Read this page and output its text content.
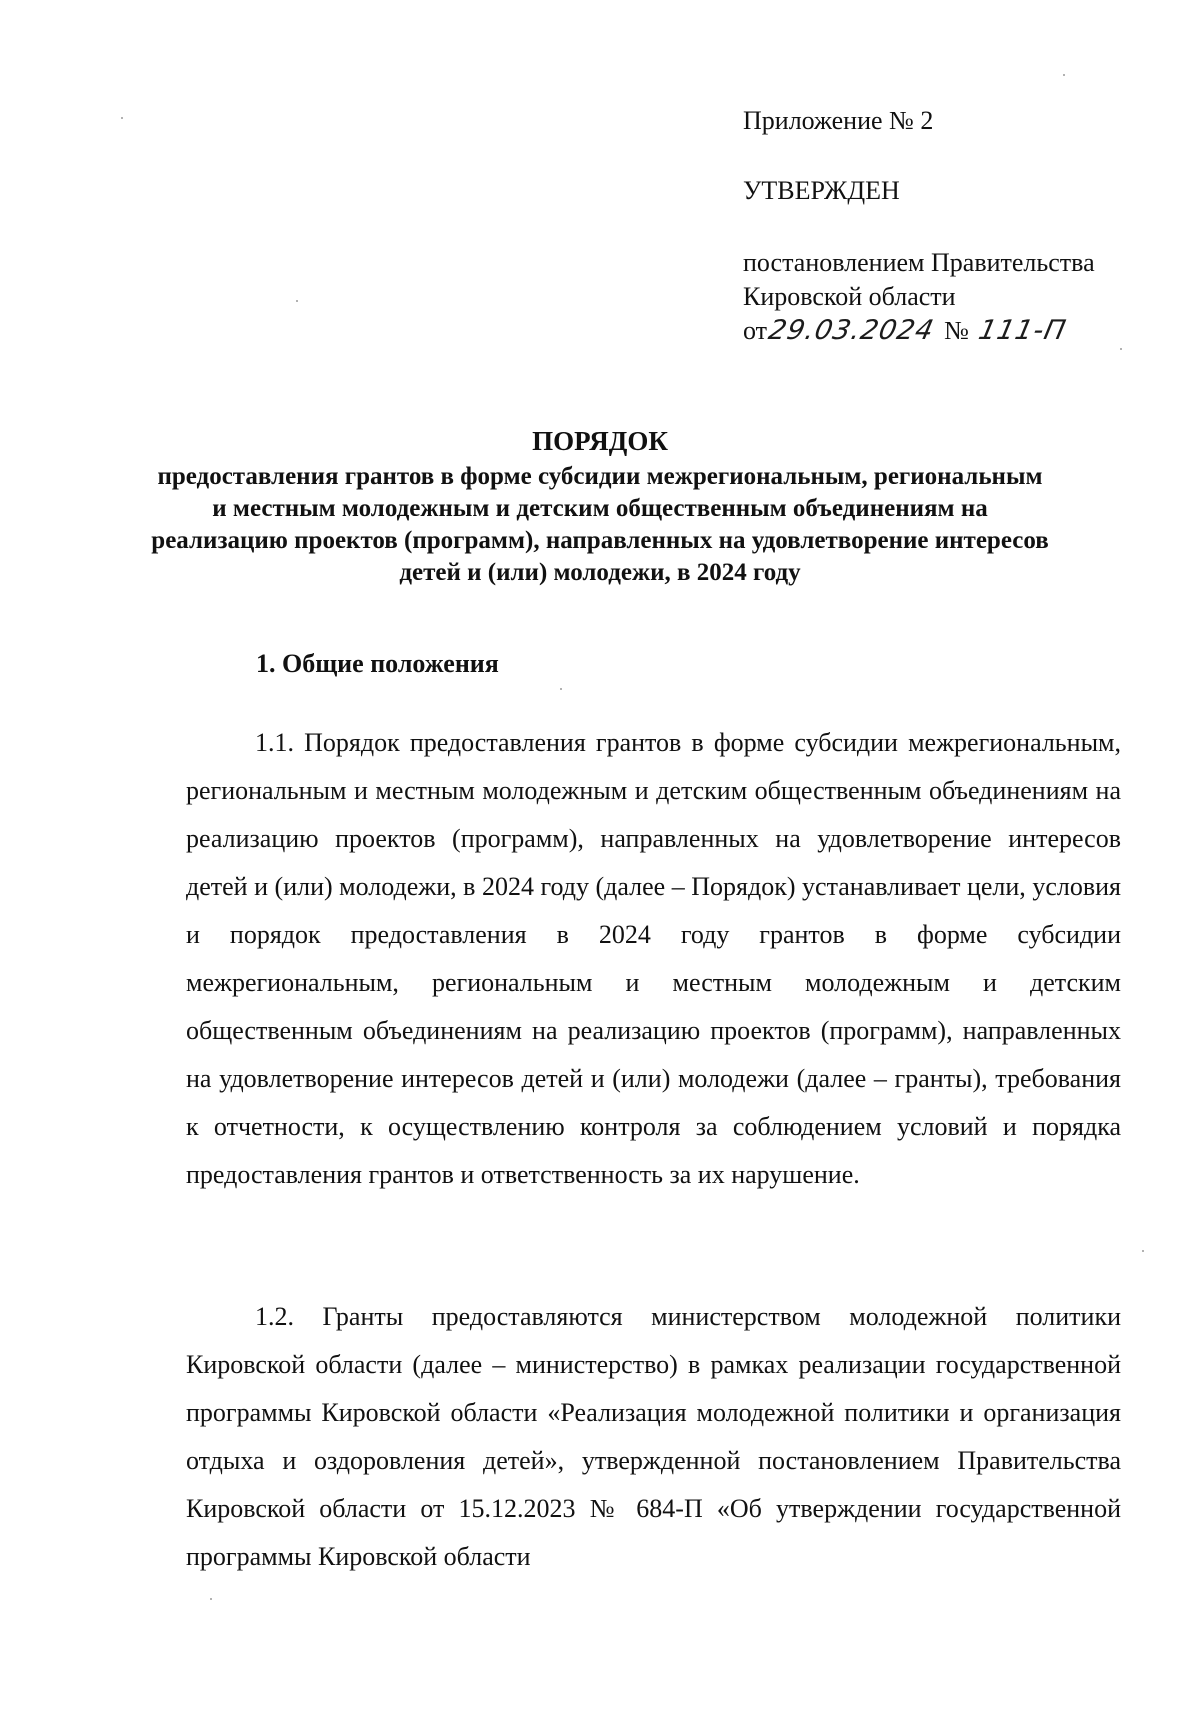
Приложение № 2
УТВЕРЖДЕН
постановлением Правительства
Кировской области
от29.03.2024 № 111-П
ПОРЯДОК

предоставления грантов в форме субсидии межрегиональным, региональным и местным молодежным и детским общественным объединениям на реализацию проектов (программ), направленных на удовлетворение интересов детей и (или) молодежи, в 2024 году

1. Общие положения

1.1. Порядок предоставления грантов в форме субсидии межрегиональным, региональным и местным молодежным и детским общественным объединениям на реализацию проектов (программ), направленных на удовлетворение интересов детей и (или) молодежи, в 2024 году (далее – Порядок) устанавливает цели, условия и порядок предоставления в 2024 году грантов в форме субсидии межрегиональным, региональным и местным молодежным и детским общественным объединениям на реализацию проектов (программ), направленных на удовлетворение интересов детей и (или) молодежи (далее – гранты), требования к отчетности, к осуществлению контроля за соблюдением условий и порядка предоставления грантов и ответственность за их нарушение.

1.2. Гранты предоставляются министерством молодежной политики Кировской области (далее – министерство) в рамках реализации государственной программы Кировской области «Реализация молодежной политики и организация отдыха и оздоровления детей», утвержденной постановлением Правительства Кировской области от 15.12.2023 № 684-П «Об утверждении государственной программы Кировской области
